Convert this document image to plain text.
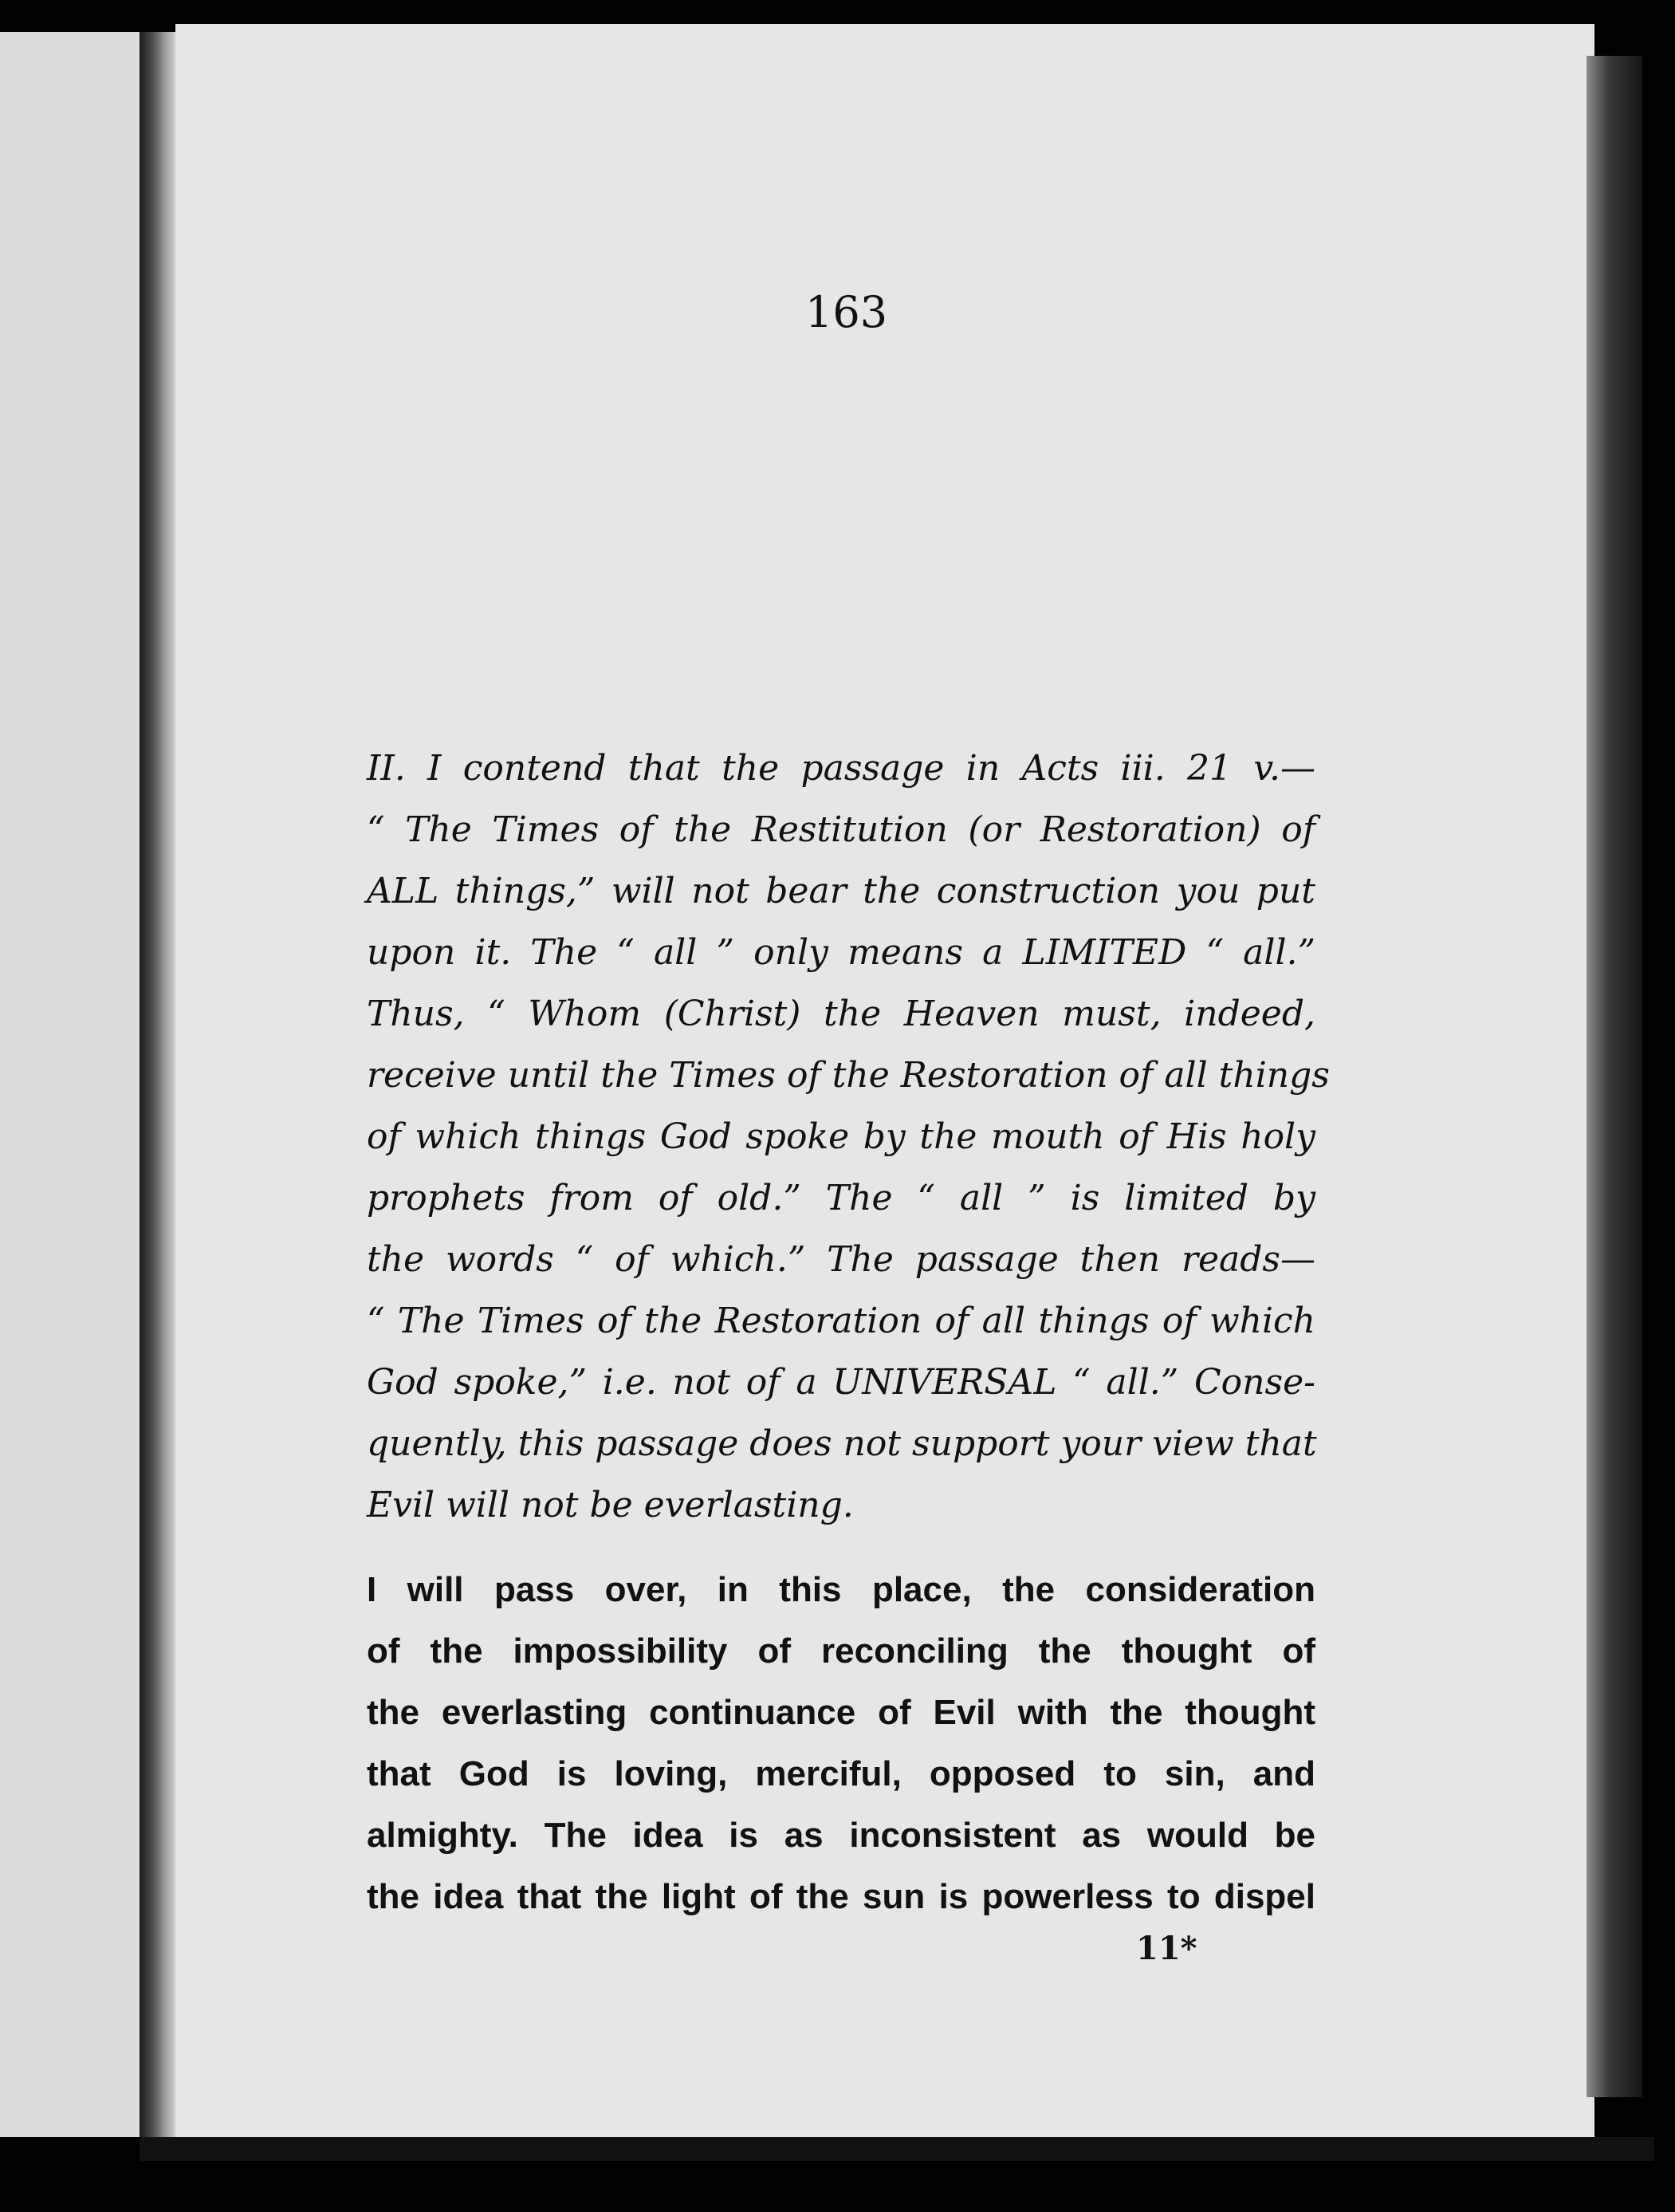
163
II. I contend that the passage in Acts iii. 21 v.—
“ The Times of the Restitution (or Restoration) of
ALL things,” will not bear the construction you put
upon it. The “ all ” only means a LIMITED “ all.”
Thus, “ Whom (Christ) the Heaven must, indeed,
receive until the Times of the Restoration of all things
of which things God spoke by the mouth of His holy
prophets from of old.” The “ all ” is limited by
the words “ of which.” The passage then reads—
“ The Times of the Restoration of all things of which
God spoke,” i.e. not of a UNIVERSAL “ all.” Conse-
quently, this passage does not support your view that
Evil will not be everlasting.
I will pass over, in this place, the consideration
of the impossibility of reconciling the thought of
the everlasting continuance of Evil with the thought
that God is loving, merciful, opposed to sin, and
almighty. The idea is as inconsistent as would be
the idea that the light of the sun is powerless to dispel
11*
